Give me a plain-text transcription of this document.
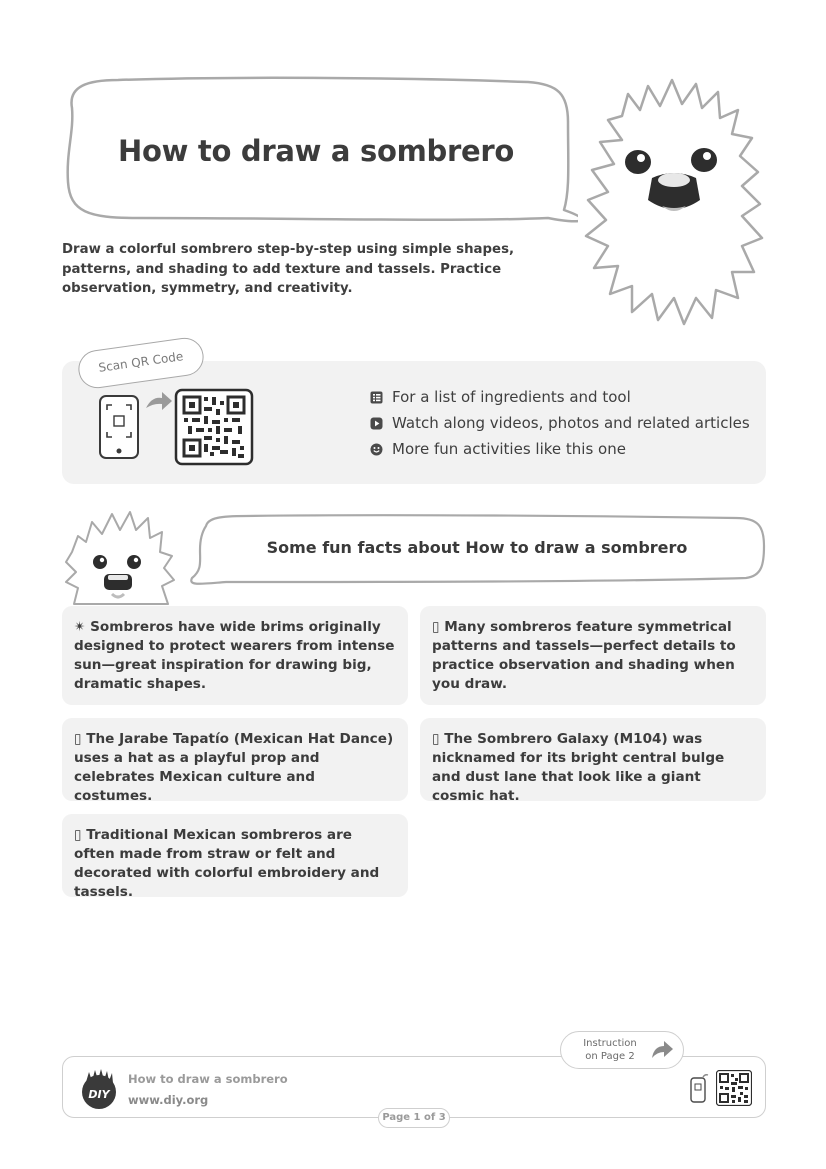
How to draw a sombrero
Draw a colorful sombrero step-by-step using simple shapes, patterns, and shading to add texture and tassels. Practice observation, symmetry, and creativity.
Scan QR Code
For a list of ingredients and tool
Watch along videos, photos and related articles
More fun activities like this one
Some fun facts about How to draw a sombrero
✴ Sombreros have wide brims originally designed to protect wearers from intense sun—great inspiration for drawing big, dramatic shapes.
▯ Many sombreros feature symmetrical patterns and tassels—perfect details to practice observation and shading when you draw.
▯ The Jarabe Tapatío (Mexican Hat Dance) uses a hat as a playful prop and celebrates Mexican culture and costumes.
▯ The Sombrero Galaxy (M104) was nicknamed for its bright central bulge and dust lane that look like a giant cosmic hat.
▯ Traditional Mexican sombreros are often made from straw or felt and decorated with colorful embroidery and tassels.
Instruction
on Page 2
DIY
How to draw a sombrero
www.diy.org
Page 1 of 3
